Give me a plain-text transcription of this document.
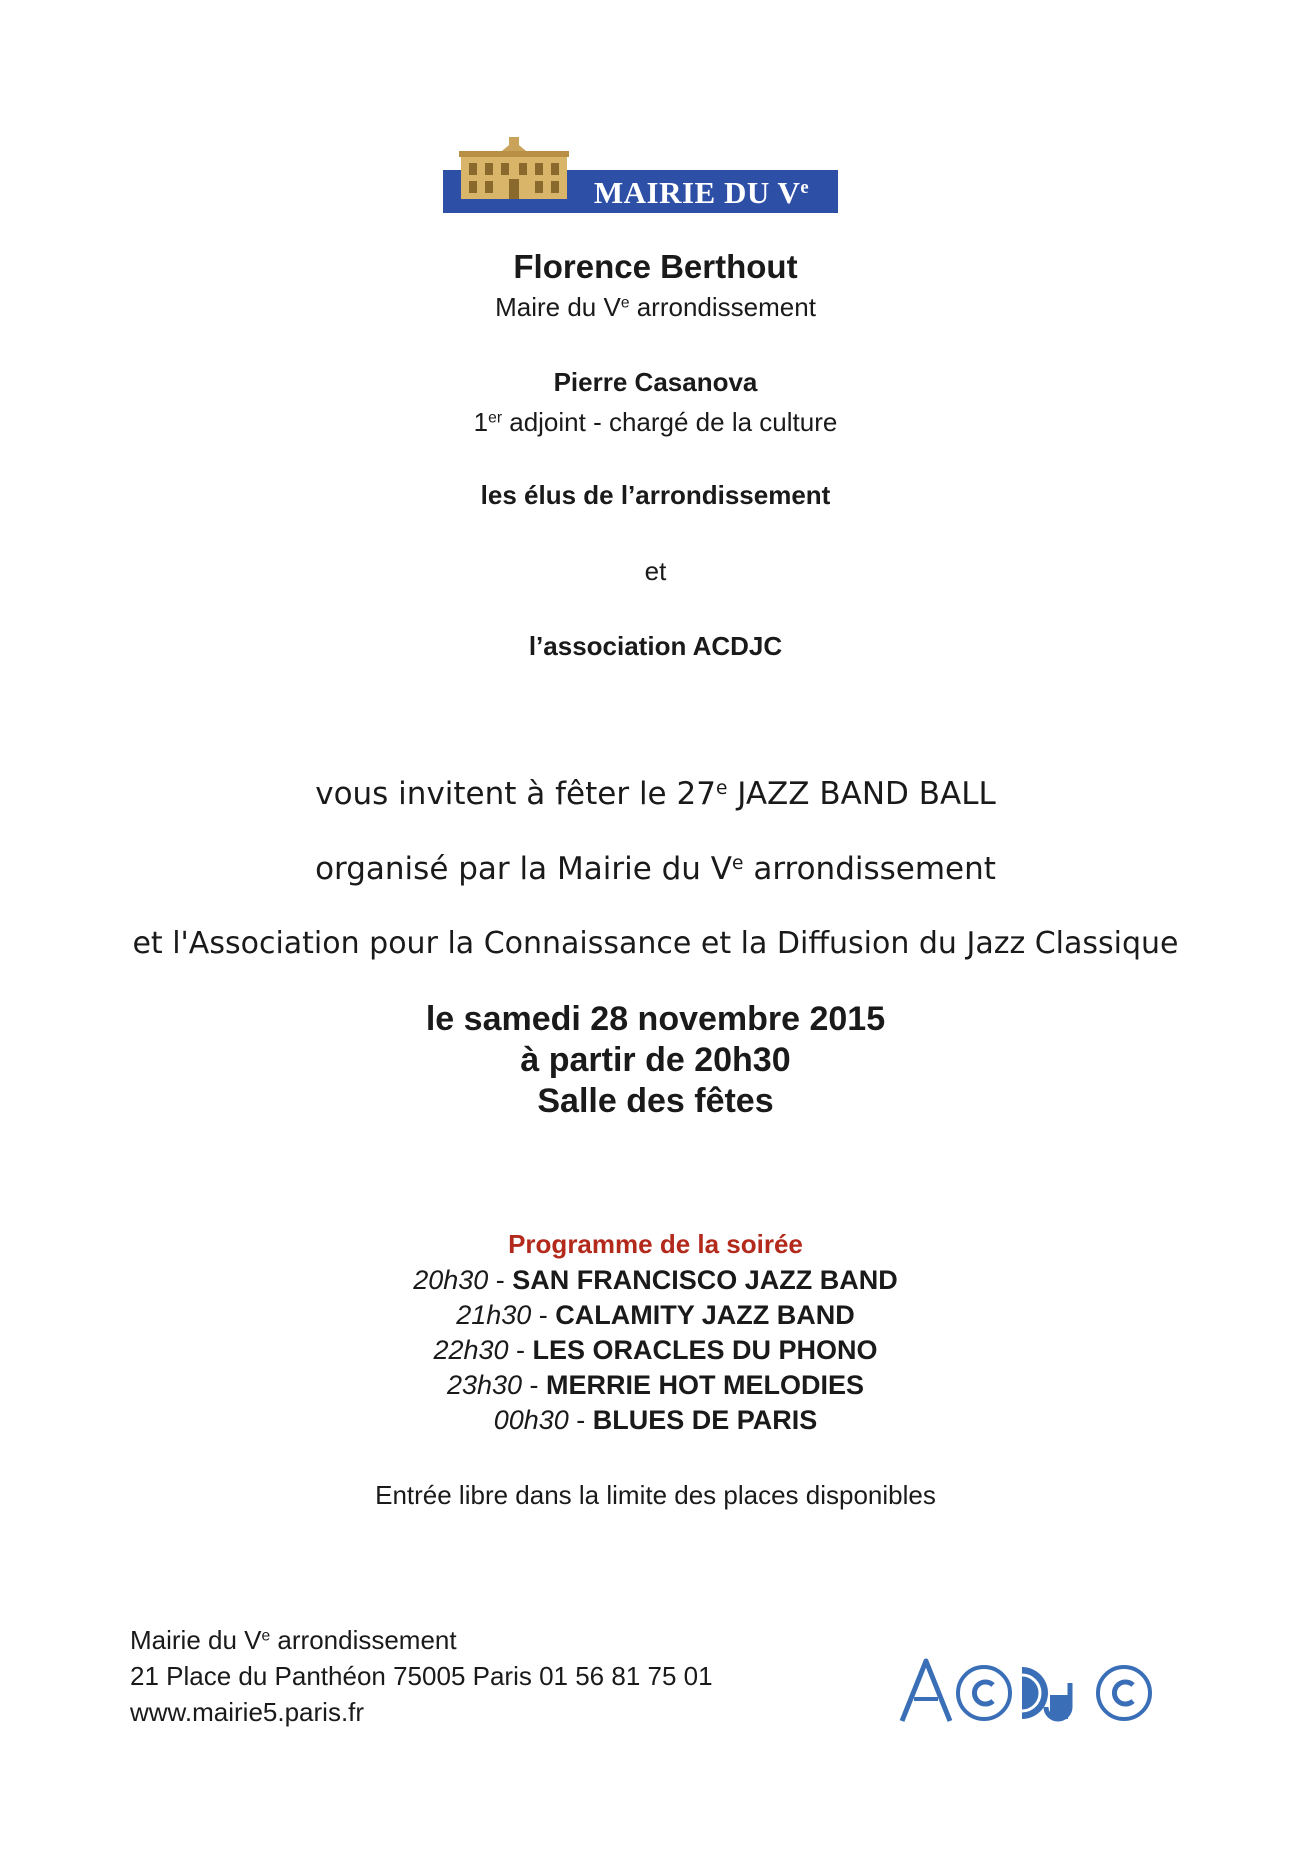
MAIRIE DU Ve
Florence Berthout
Maire du Ve arrondissement
Pierre Casanova
1er adjoint - chargé de la culture
les élus de l’arrondissement
et
l’association ACDJC
vous invitent à fêter le 27e JAZZ BAND BALL
organisé par la Mairie du Ve arrondissement
et l'Association pour la Connaissance et la Diffusion du Jazz Classique
le samedi 28 novembre 2015
à partir de 20h30
Salle des fêtes
Programme de la soirée
20h30 - SAN FRANCISCO JAZZ BAND
21h30 - CALAMITY JAZZ BAND
22h30 - LES ORACLES DU PHONO
23h30 - MERRIE HOT MELODIES
00h30 - BLUES DE PARIS
Entrée libre dans la limite des places disponibles
Mairie du Ve arrondissement
21 Place du Panthéon 75005 Paris 01 56 81 75 01
www.mairie5.paris.fr
